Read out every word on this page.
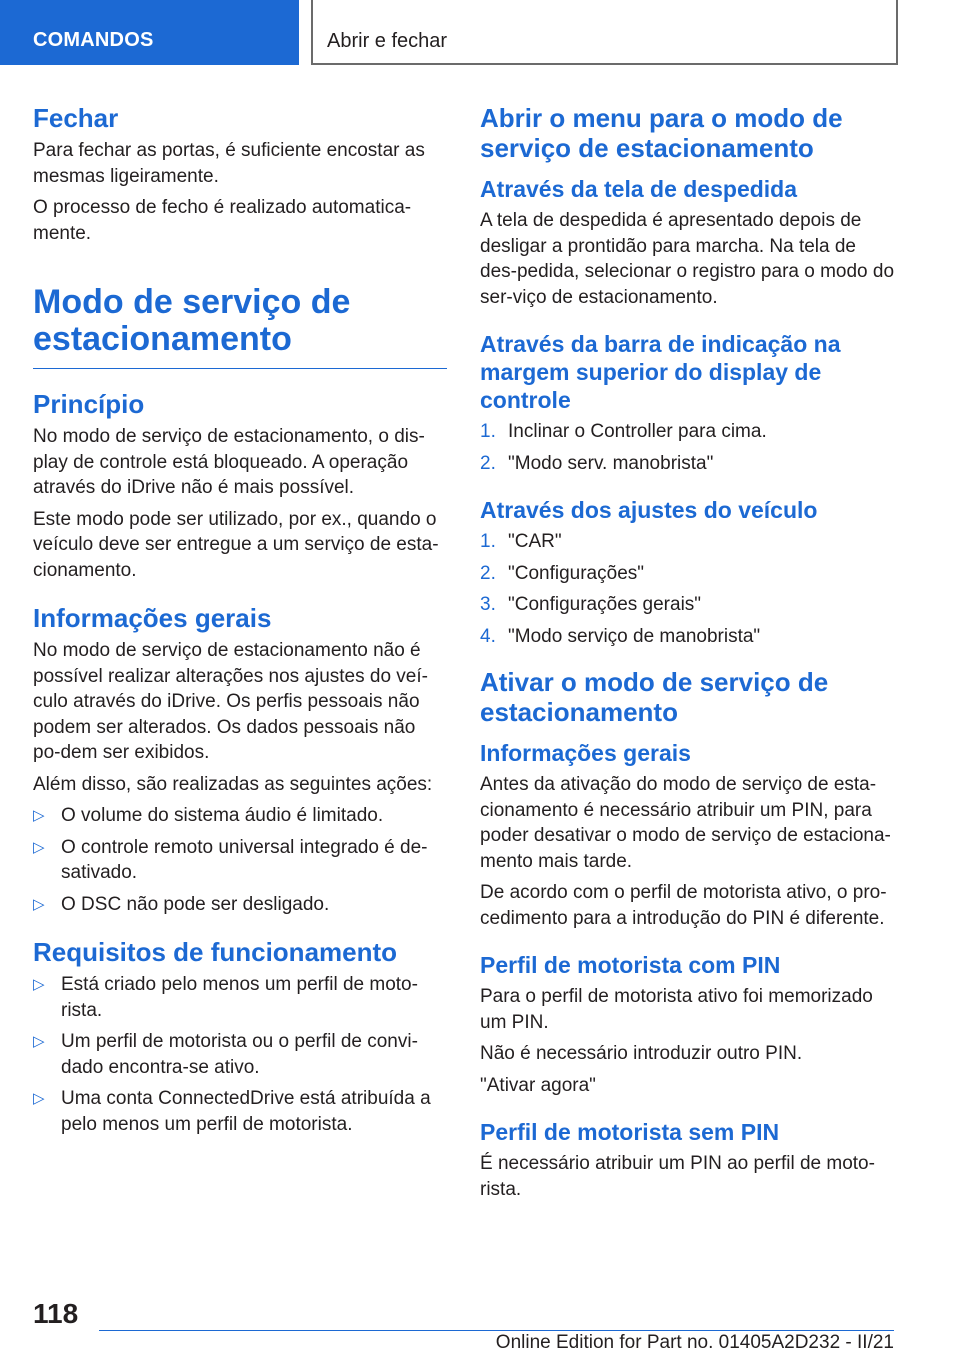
COMANDOS	Abrir e fechar
Fechar

Para fechar as portas, é suficiente encostar as mesmas ligeiramente.

O processo de fecho é realizado automatica‐mente.

Modo de serviço de estacionamento
Princípio

No modo de serviço de estacionamento, o dis‐play de controle está bloqueado. A operação através do iDrive não é mais possível.

Este modo pode ser utilizado, por ex., quando o veículo deve ser entregue a um serviço de esta‐cionamento.

Informações gerais

No modo de serviço de estacionamento não é possível realizar alterações nos ajustes do veí‐culo através do iDrive. Os perfis pessoais não podem ser alterados. Os dados pessoais não po‐dem ser exibidos.

Além disso, são realizadas as seguintes ações:

▷ O volume do sistema áudio é limitado.
▷ O controle remoto universal integrado é de‐sativado.
▷ O DSC não pode ser desligado.
Requisitos de funcionamento
▷ Está criado pelo menos um perfil de moto‐rista.
▷ Um perfil de motorista ou o perfil de convi‐dado encontra-se ativo.
▷ Uma conta ConnectedDrive está atribuída a pelo menos um perfil de motorista.
Abrir o menu para o modo de serviço de estacionamento
Através da tela de despedida

A tela de despedida é apresentado depois de desligar a prontidão para marcha. Na tela de des‐pedida, selecionar o registro para o modo do ser‐viço de estacionamento.

Através da barra de indicação na margem superior do display de controle
1. Inclinar o Controller para cima.
2. "Modo serv. manobrista"
Através dos ajustes do veículo
1. "CAR"
2. "Configurações"
3. "Configurações gerais"
4. "Modo serviço de manobrista"
Ativar o modo de serviço de estacionamento
Informações gerais

Antes da ativação do modo de serviço de esta‐cionamento é necessário atribuir um PIN, para poder desativar o modo de serviço de estaciona‐mento mais tarde.

De acordo com o perfil de motorista ativo, o pro‐cedimento para a introdução do PIN é diferente.

Perfil de motorista com PIN

Para o perfil de motorista ativo foi memorizado um PIN.

Não é necessário introduzir outro PIN.

"Ativar agora"

Perfil de motorista sem PIN

É necessário atribuir um PIN ao perfil de moto‐rista.

118
Online Edition for Part no. 01405A2D232 - II/21
